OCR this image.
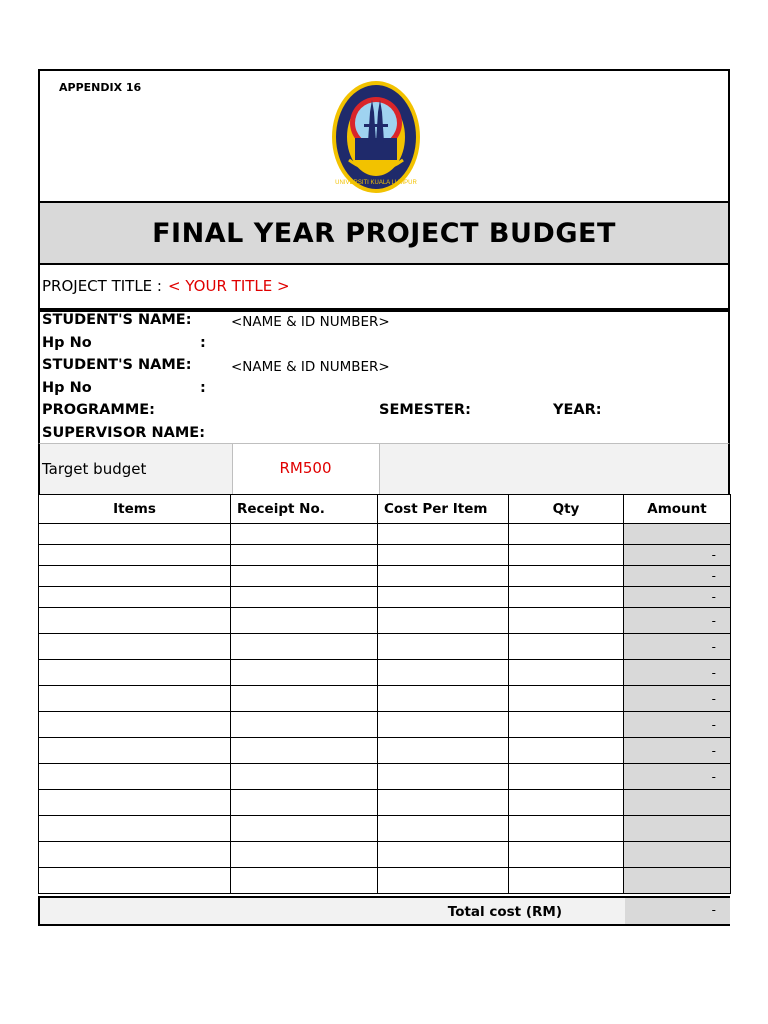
APPENDIX 16
UNIVERSITI KUALA LUMPUR
FINAL YEAR PROJECT BUDGET
PROJECT TITLE : < YOUR TITLE >
STUDENT'S NAME:	<NAME & ID NUMBER>
Hp No	:
STUDENT'S NAME:	<NAME & ID NUMBER>
Hp No	:
PROGRAMME:	SEMESTER:	YEAR:
SUPERVISOR NAME:
Target budget	RM500
Items	Receipt No.	Cost Per Item	Qty	Amount

				-
				-
				-
				-
				-
				-
				-
				-
				-
				-

Total cost (RM)	-
